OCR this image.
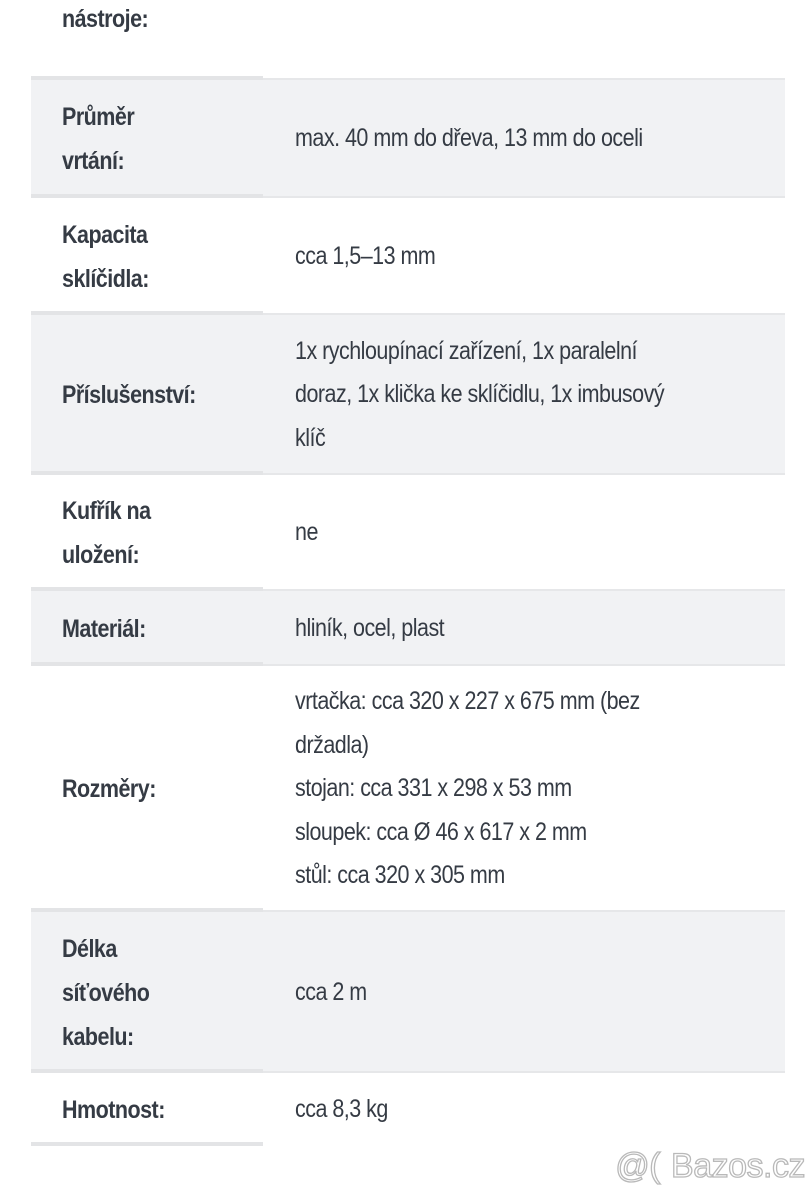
nástroje:
Průměr
vrtání:
max. 40 mm do dřeva, 13 mm do oceli
Kapacita
sklíčidla:
cca 1,5–13 mm
Příslušenství:
1x rychloupínací zařízení, 1x paralelní
doraz, 1x klička ke sklíčidlu, 1x imbusový
klíč
Kufřík na
uložení:
ne
Materiál:	hliník, ocel, plast
Rozměry:
vrtačka: cca 320 x 227 x 675 mm (bez
držadla)
stojan: cca 331 x 298 x 53 mm
sloupek: cca Ø 46 x 617 x 2 mm
stůl: cca 320 x 305 mm
Délka
síťového
kabelu:
cca 2 m
Hmotnost:	cca 8,3 kg
@( Bazos.cz
